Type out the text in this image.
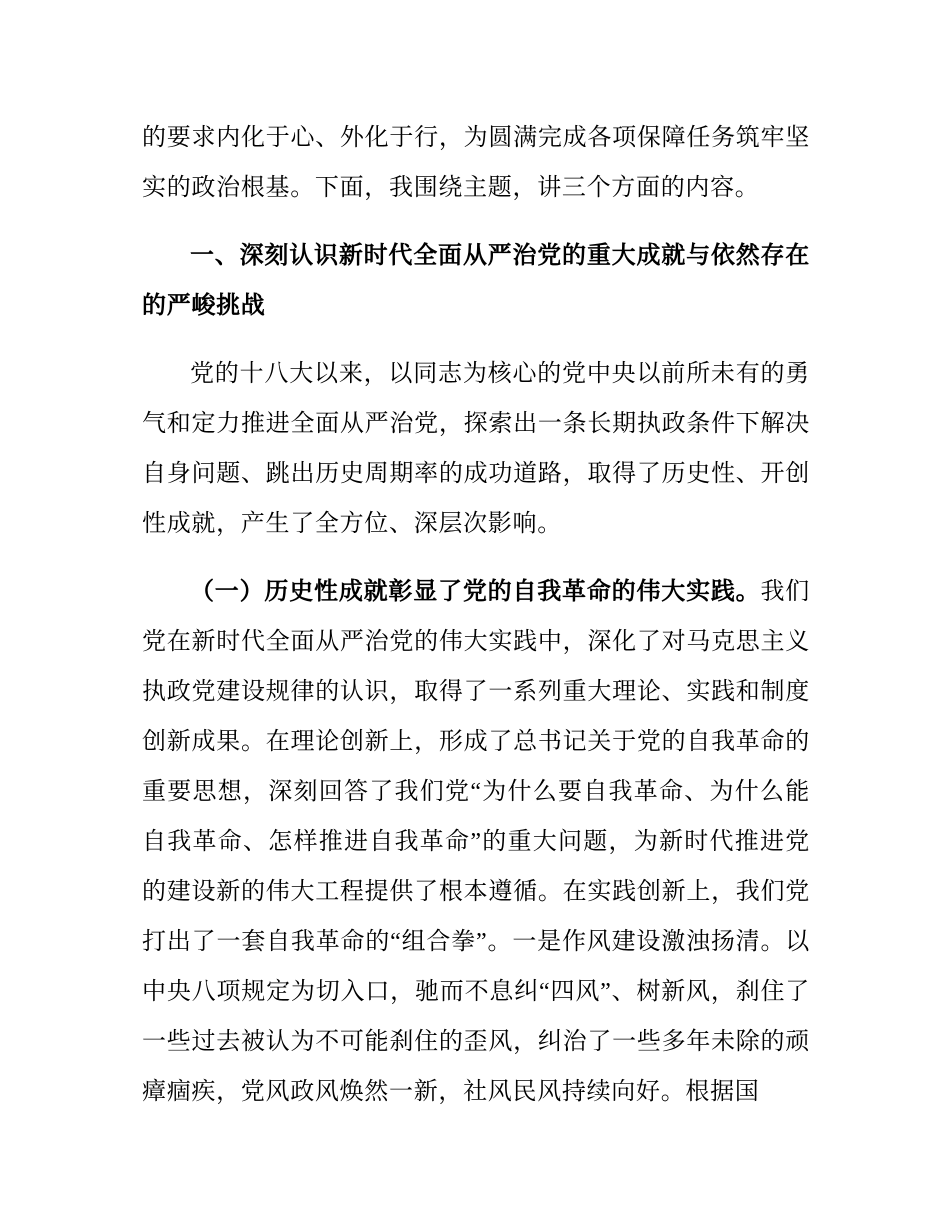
的要求内化于心、外化于行，为圆满完成各项保障任务筑牢坚实的政治根基。下面，我围绕主题，讲三个方面的内容。

一、深刻认识新时代全面从严治党的重大成就与依然存在的严峻挑战

党的十八大以来，以同志为核心的党中央以前所未有的勇气和定力推进全面从严治党，探索出一条长期执政条件下解决自身问题、跳出历史周期率的成功道路，取得了历史性、开创性成就，产生了全方位、深层次影响。

（一）历史性成就彰显了党的自我革命的伟大实践。我们党在新时代全面从严治党的伟大实践中，深化了对马克思主义执政党建设规律的认识，取得了一系列重大理论、实践和制度创新成果。在理论创新上，形成了总书记关于党的自我革命的重要思想，深刻回答了我们党“为什么要自我革命、为什么能自我革命、怎样推进自我革命”的重大问题，为新时代推进党的建设新的伟大工程提供了根本遵循。在实践创新上，我们党打出了一套自我革命的“组合拳”。一是作风建设激浊扬清。以中央八项规定为切入口，驰而不息纠“四风”、树新风，刹住了一些过去被认为不可能刹住的歪风，纠治了一些多年未除的顽瘴痼疾，党风政风焕然一新，社风民风持续向好。根据国
